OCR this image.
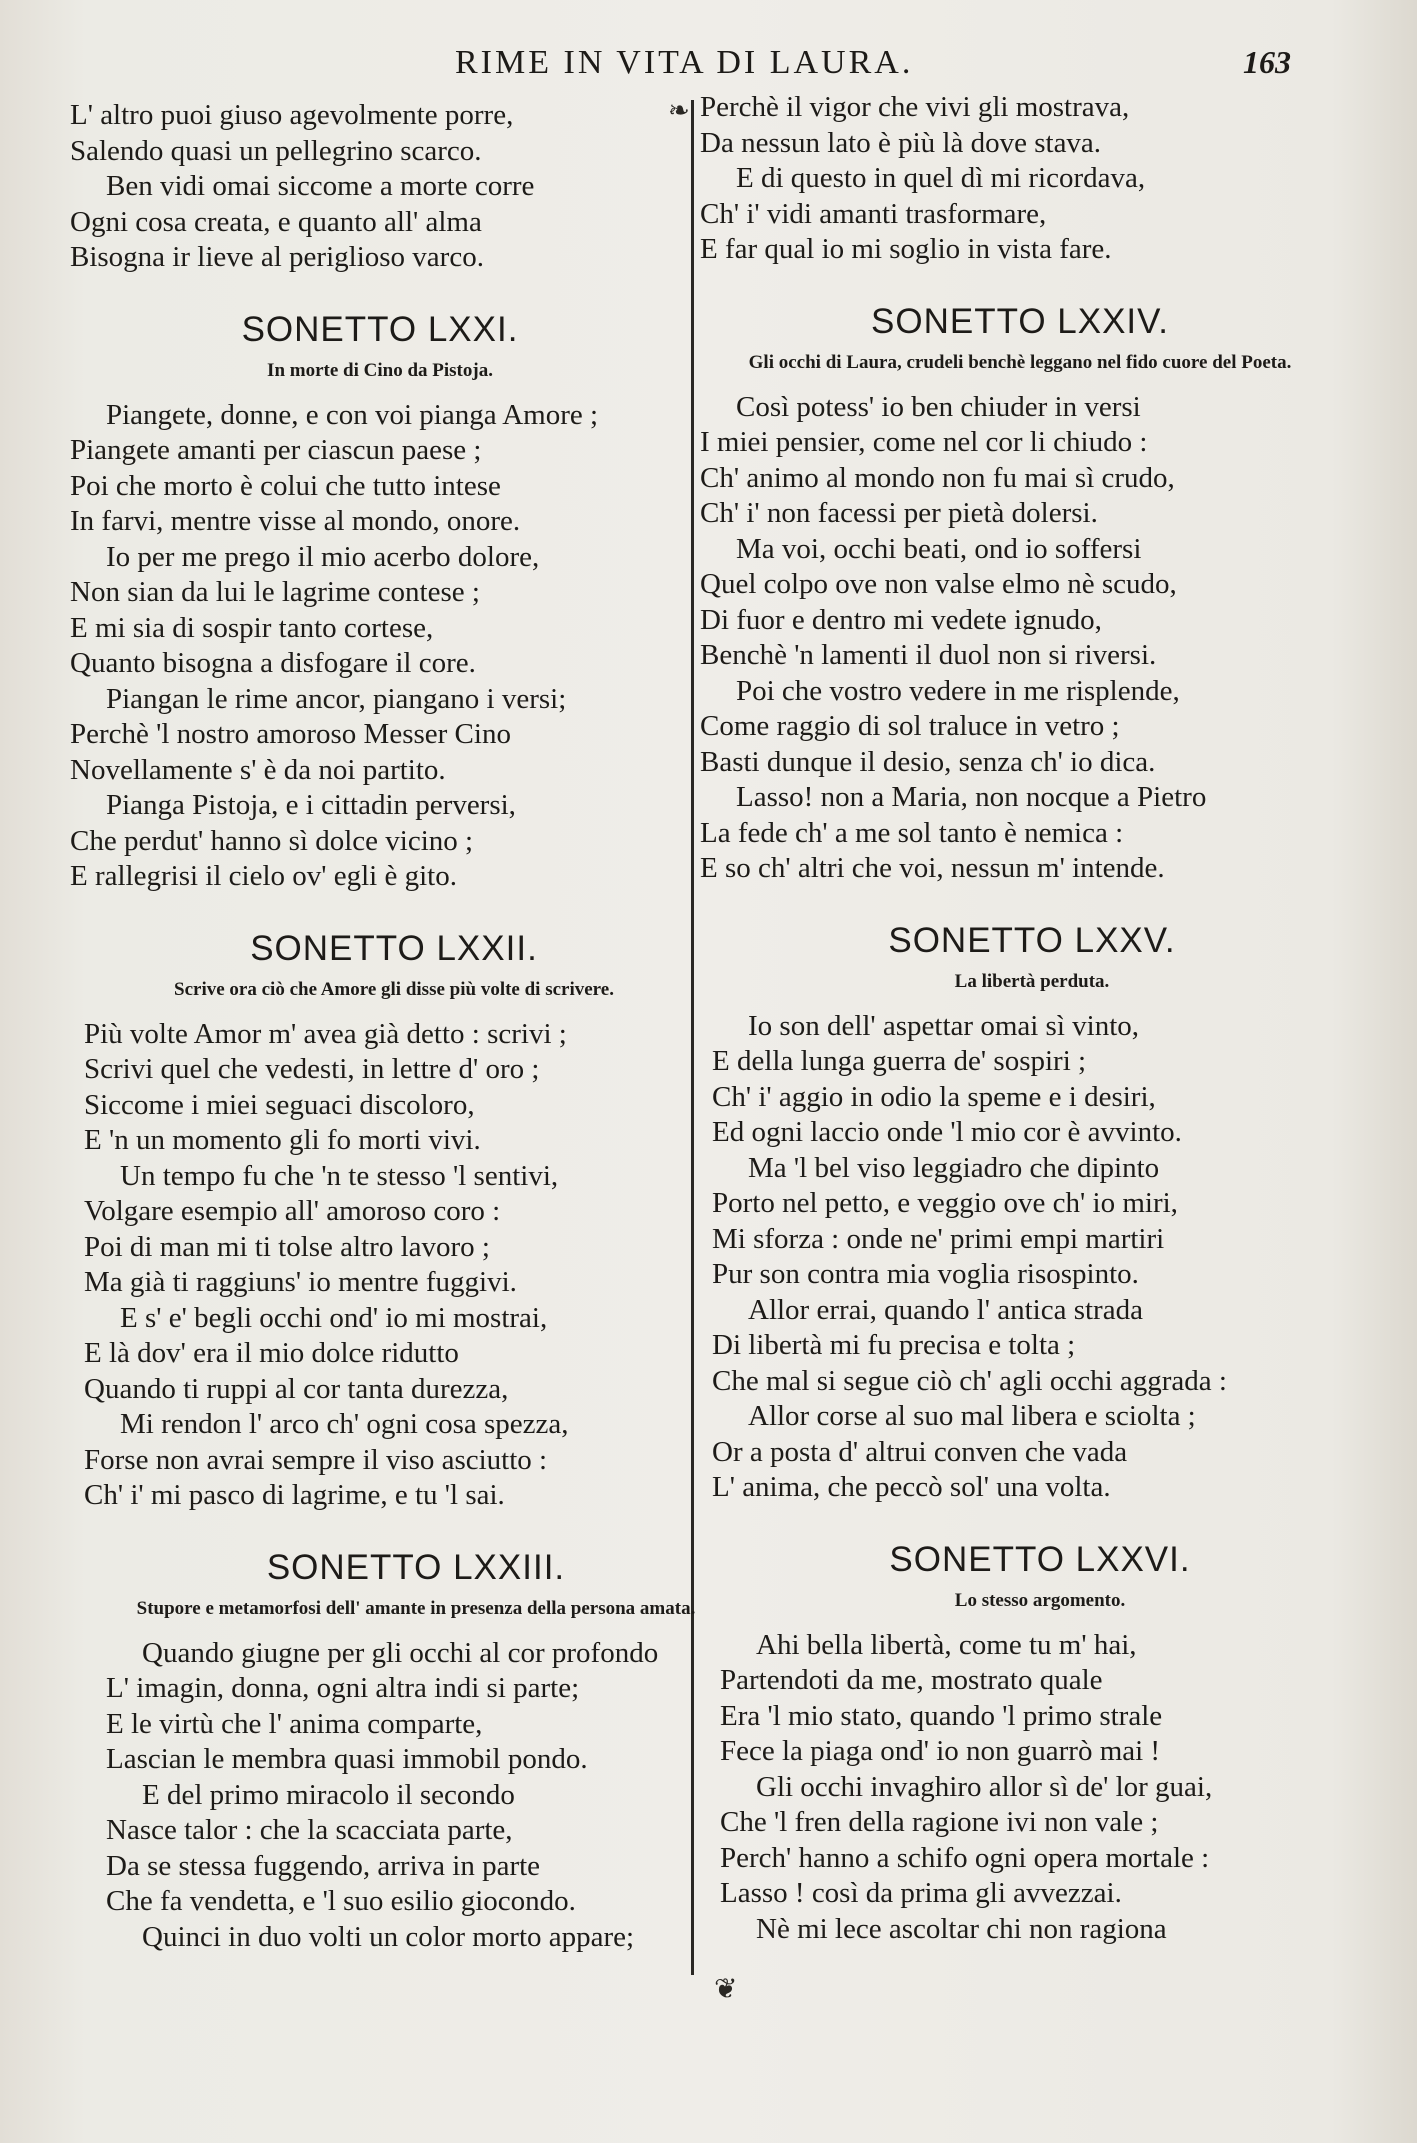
RIME IN VITA DI LAURA.	163
❧
❦
L' altro puoi giuso agevolmente porre,
Salendo quasi un pellegrino scarco.
Ben vidi omai siccome a morte corre
Ogni cosa creata, e quanto all' alma
Bisogna ir lieve al periglioso varco.
SONETTO LXXI.
In morte di Cino da Pistoja.
Piangete, donne, e con voi pianga Amore ;
Piangete amanti per ciascun paese ;
Poi che morto è colui che tutto intese
In farvi, mentre visse al mondo, onore.
Io per me prego il mio acerbo dolore,
Non sian da lui le lagrime contese ;
E mi sia di sospir tanto cortese,
Quanto bisogna a disfogare il core.
Piangan le rime ancor, piangano i versi;
Perchè 'l nostro amoroso Messer Cino
Novellamente s' è da noi partito.
Pianga Pistoja, e i cittadin perversi,
Che perdut' hanno sì dolce vicino ;
E rallegrisi il cielo ov' egli è gito.
SONETTO LXXII.
Scrive ora ciò che Amore gli disse più volte di scrivere.
Più volte Amor m' avea già detto : scrivi ;
Scrivi quel che vedesti, in lettre d' oro ;
Siccome i miei seguaci discoloro,
E 'n un momento gli fo morti vivi.
Un tempo fu che 'n te stesso 'l sentivi,
Volgare esempio all' amoroso coro :
Poi di man mi ti tolse altro lavoro ;
Ma già ti raggiuns' io mentre fuggivi.
E s' e' begli occhi ond' io mi mostrai,
E là dov' era il mio dolce ridutto
Quando ti ruppi al cor tanta durezza,
Mi rendon l' arco ch' ogni cosa spezza,
Forse non avrai sempre il viso asciutto :
Ch' i' mi pasco di lagrime, e tu 'l sai.
SONETTO LXXIII.
Stupore e metamorfosi dell' amante in presenza della persona amata.
Quando giugne per gli occhi al cor profondo
L' imagin, donna, ogni altra indi si parte;
E le virtù che l' anima comparte,
Lascian le membra quasi immobil pondo.
E del primo miracolo il secondo
Nasce talor : che la scacciata parte,
Da se stessa fuggendo, arriva in parte
Che fa vendetta, e 'l suo esilio giocondo.
Quinci in duo volti un color morto appare;
Perchè il vigor che vivi gli mostrava,
Da nessun lato è più là dove stava.
E di questo in quel dì mi ricordava,
Ch' i' vidi amanti trasformare,
E far qual io mi soglio in vista fare.
SONETTO LXXIV.
Gli occhi di Laura, crudeli benchè leggano nel fido cuore del Poeta.
Così potess' io ben chiuder in versi
I miei pensier, come nel cor li chiudo :
Ch' animo al mondo non fu mai sì crudo,
Ch' i' non facessi per pietà dolersi.
Ma voi, occhi beati, ond io soffersi
Quel colpo ove non valse elmo nè scudo,
Di fuor e dentro mi vedete ignudo,
Benchè 'n lamenti il duol non si riversi.
Poi che vostro vedere in me risplende,
Come raggio di sol traluce in vetro ;
Basti dunque il desio, senza ch' io dica.
Lasso! non a Maria, non nocque a Pietro
La fede ch' a me sol tanto è nemica :
E so ch' altri che voi, nessun m' intende.
SONETTO LXXV.
La libertà perduta.
Io son dell' aspettar omai sì vinto,
E della lunga guerra de' sospiri ;
Ch' i' aggio in odio la speme e i desiri,
Ed ogni laccio onde 'l mio cor è avvinto.
Ma 'l bel viso leggiadro che dipinto
Porto nel petto, e veggio ove ch' io miri,
Mi sforza : onde ne' primi empi martiri
Pur son contra mia voglia risospinto.
Allor errai, quando l' antica strada
Di libertà mi fu precisa e tolta ;
Che mal si segue ciò ch' agli occhi aggrada :
Allor corse al suo mal libera e sciolta ;
Or a posta d' altrui conven che vada
L' anima, che peccò sol' una volta.
SONETTO LXXVI.
Lo stesso argomento.
Ahi bella libertà, come tu m' hai,
Partendoti da me, mostrato quale
Era 'l mio stato, quando 'l primo strale
Fece la piaga ond' io non guarrò mai !
Gli occhi invaghiro allor sì de' lor guai,
Che 'l fren della ragione ivi non vale ;
Perch' hanno a schifo ogni opera mortale :
Lasso ! così da prima gli avvezzai.
Nè mi lece ascoltar chi non ragiona
